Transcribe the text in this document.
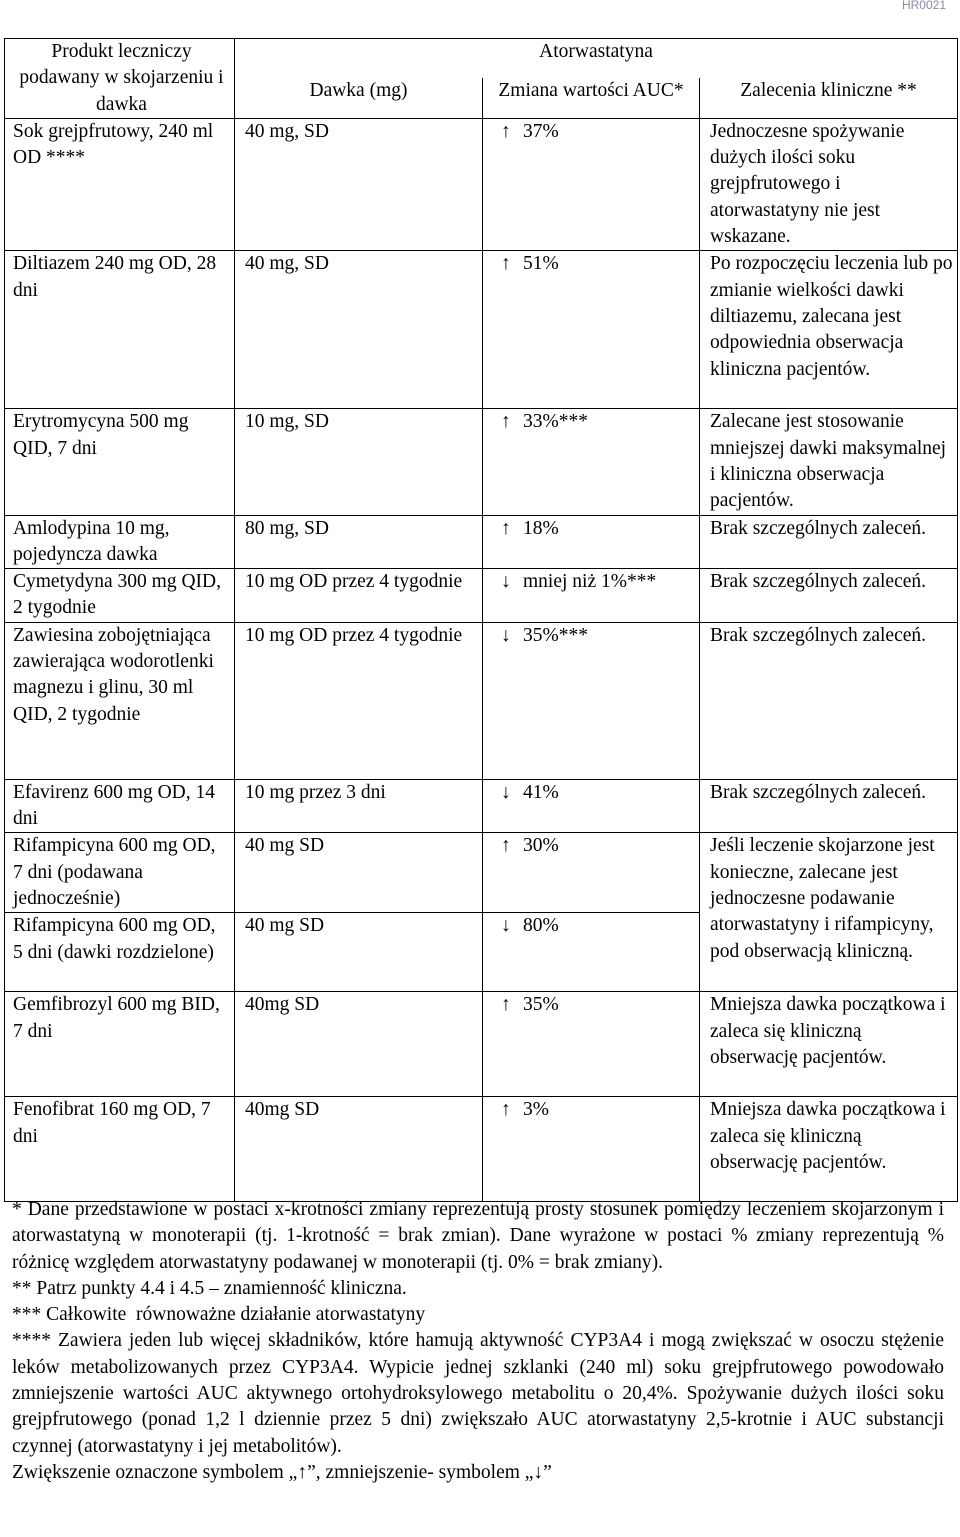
HR0021
Produkt leczniczy podawany w skojarzeniu i dawka	Atorwastatyna		
	Dawka (mg)	Zmiana wartości AUC*	Zalecenia kliniczne **
Sok grejpfrutowy, 240 ml OD ****	40 mg, SD	↑ 37%	Jednoczesne spożywanie dużych ilości soku grejpfrutowego i atorwastatyny nie jest wskazane.
Diltiazem 240 mg OD, 28 dni	40 mg, SD	↑ 51%	Po rozpoczęciu leczenia lub po zmianie wielkości dawki diltiazemu, zalecana jest odpowiednia obserwacja kliniczna pacjentów.
Erytromycyna 500 mg QID, 7 dni	10 mg, SD	↑ 33%***	Zalecane jest stosowanie mniejszej dawki maksymalnej i kliniczna obserwacja pacjentów.
Amlodypina 10 mg, pojedyncza dawka	80 mg, SD	↑ 18%	Brak szczególnych zaleceń.
Cymetydyna 300 mg QID, 2 tygodnie	10 mg OD przez 4 tygodnie	↓ mniej niż 1%***	Brak szczególnych zaleceń.
Zawiesina zobojętniająca zawierająca wodorotlenki magnezu i glinu, 30 ml QID, 2 tygodnie	10 mg OD przez 4 tygodnie	↓ 35%***	Brak szczególnych zaleceń.
Efavirenz 600 mg OD, 14 dni	10 mg przez 3 dni	↓ 41%	Brak szczególnych zaleceń.
Rifampicyna 600 mg OD, 7 dni (podawana jednocześnie)	40 mg SD	↑ 30%	Jeśli leczenie skojarzone jest konieczne, zalecane jest jednoczesne podawanie atorwastatyny i rifampicyny, pod obserwacją kliniczną.
Rifampicyna 600 mg OD, 5 dni (dawki rozdzielone)	40 mg SD	↓ 80%	
Gemfibrozyl 600 mg BID, 7 dni	40mg SD	↑ 35%	Mniejsza dawka początkowa i zaleca się kliniczną obserwację pacjentów.
Fenofibrat 160 mg OD, 7 dni	40mg SD	↑ 3%	Mniejsza dawka początkowa i zaleca się kliniczną obserwację pacjentów.

* Dane przedstawione w postaci x-krotności zmiany reprezentują prosty stosunek pomiędzy leczeniem skojarzonym i atorwastatyną w monoterapii (tj. 1-krotność = brak zmian). Dane wyrażone w postaci % zmiany reprezentują % różnicę względem atorwastatyny podawanej w monoterapii (tj. 0% = brak zmiany).

** Patrz punkty 4.4 i 4.5 – znamienność kliniczna.

*** Całkowite  równoważne działanie atorwastatyny

**** Zawiera jeden lub więcej składników, które hamują aktywność CYP3A4 i mogą zwiększać w osoczu stężenie leków metabolizowanych przez CYP3A4. Wypicie jednej szklanki (240 ml) soku grejpfrutowego powodowało zmniejszenie wartości AUC aktywnego ortohydroksylowego metabolitu o 20,4%. Spożywanie dużych ilości soku grejpfrutowego (ponad 1,2 l dziennie przez 5 dni) zwiększało AUC atorwastatyny 2,5-krotnie i AUC substancji czynnej (atorwastatyny i jej metabolitów).

Zwiększenie oznaczone symbolem „↑”, zmniejszenie- symbolem „↓”
